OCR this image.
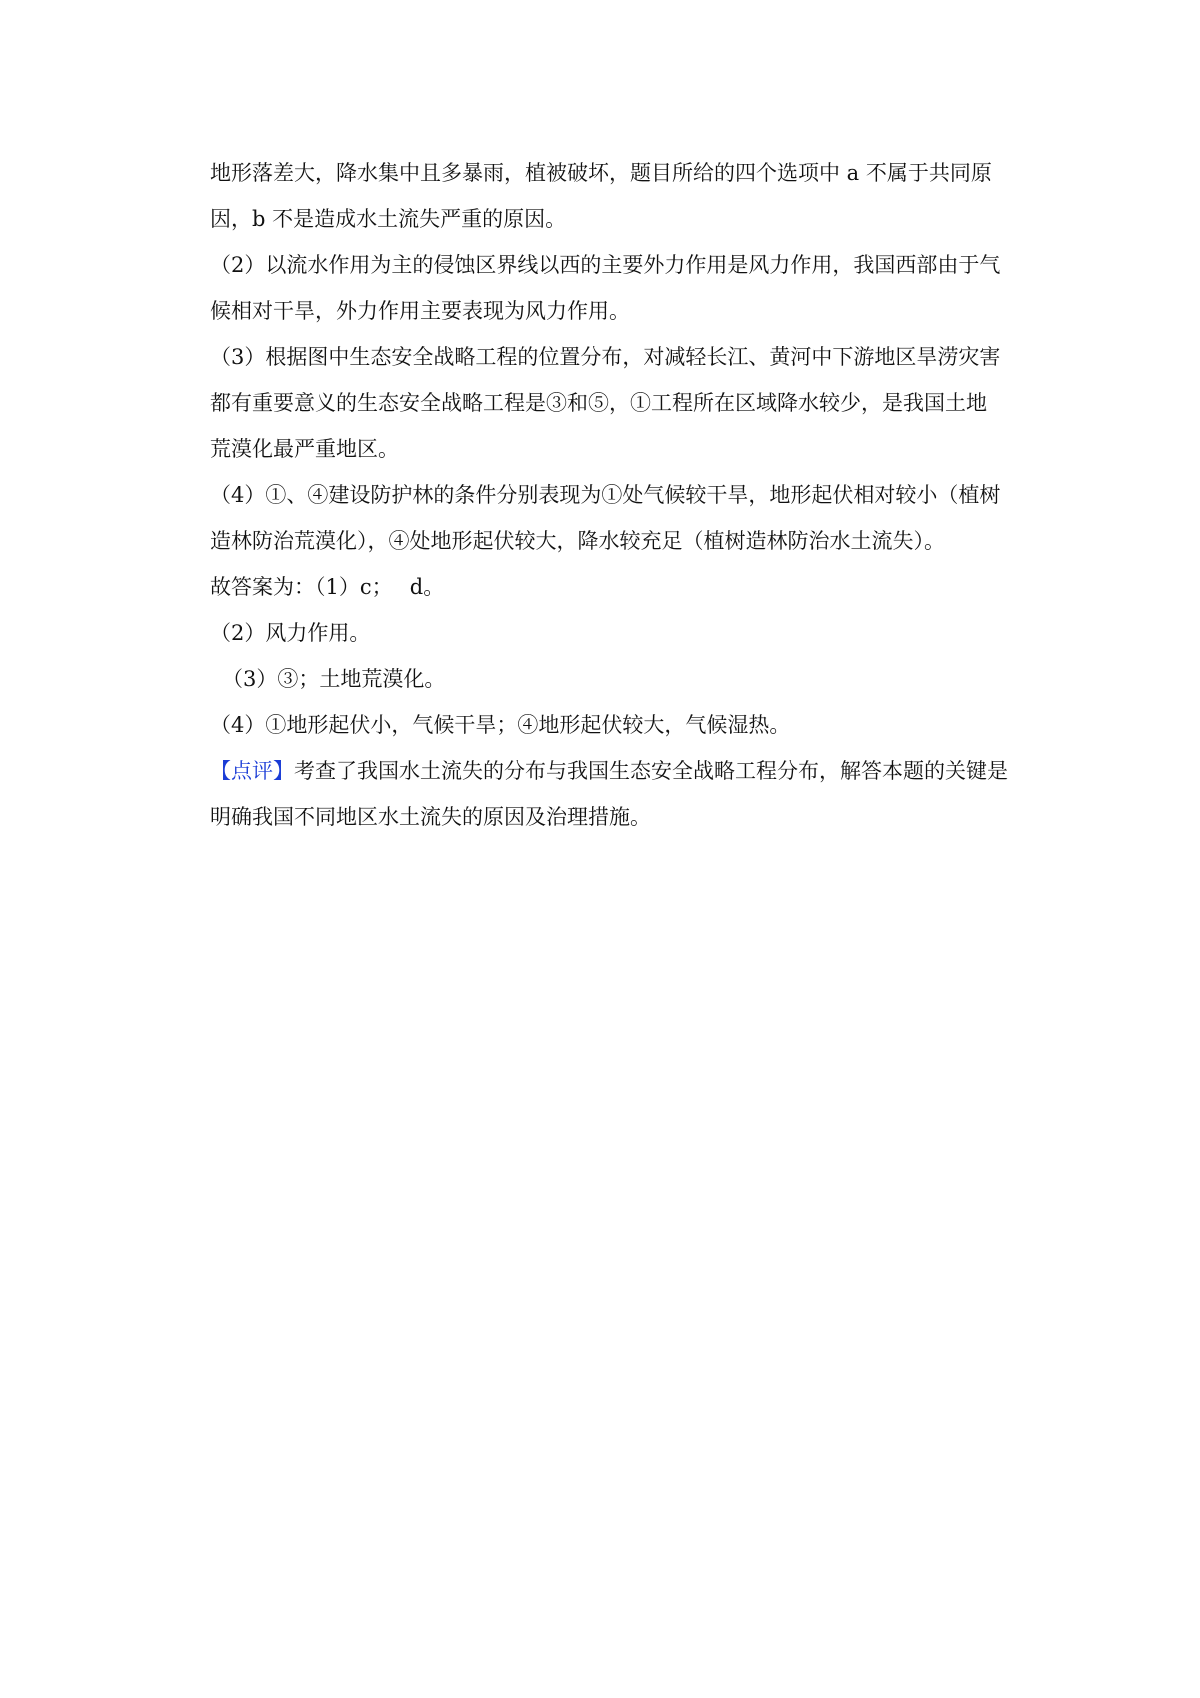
地形落差大，降水集中且多暴雨，植被破坏，题目所给的四个选项中 a 不属于共同原

因，b 不是造成水土流失严重的原因。

（2）以流水作用为主的侵蚀区界线以西的主要外力作用是风力作用，我国西部由于气

候相对干旱，外力作用主要表现为风力作用。

（3）根据图中生态安全战略工程的位置分布，对减轻长江、黄河中下游地区旱涝灾害

都有重要意义的生态安全战略工程是③和⑤，①工程所在区域降水较少，是我国土地

荒漠化最严重地区。

（4）①、④建设防护林的条件分别表现为①处气候较干旱，地形起伏相对较小（植树

造林防治荒漠化），④处地形起伏较大，降水较充足（植树造林防治水土流失）。

故答案为：（1）c；　 d。

（2）风力作用。

（3）③；土地荒漠化。

（4）①地形起伏小，气候干旱；④地形起伏较大，气候湿热。

【点评】考查了我国水土流失的分布与我国生态安全战略工程分布，解答本题的关键是

明确我国不同地区水土流失的原因及治理措施。
